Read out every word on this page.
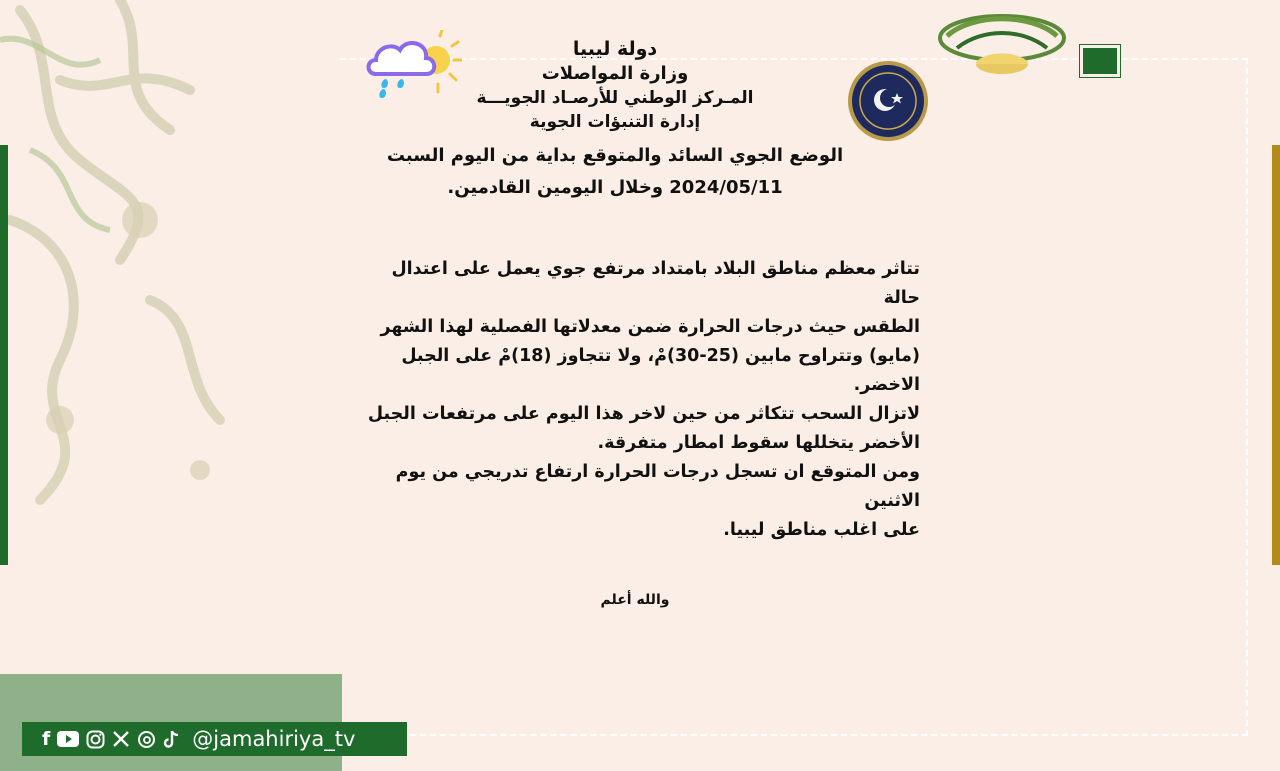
دولة ليبيا
وزارة المواصلات
المـركز الوطني للأرصـاد الجويـــة
إدارة التنبؤات الجوية
الوضع الجوي السائد والمتوقع بداية من اليوم السبت
2024/05/11 وخلال اليومين القادمين.

تتاثر معظم مناطق البلاد بامتداد مرتفع جوي يعمل على اعتدال حالة

الطقس حيث درجات الحرارة ضمن معدلاتها الفصلية لهذا الشهر

(مايو) وتتراوح مابين (25-30)مْ، ولا تتجاوز (18)مْ على الجبل

الاخضر.

لاتزال السحب تتكاثر من حين لاخر هذا اليوم على مرتفعات الجبل

الأخضر يتخللها سقوط امطار متفرقة.

ومن المتوقع ان تسجل درجات الحرارة ارتفاع تدريجي من يوم الاثنين

على اغلب مناطق ليبيا.

والله أعلم
f	@jamahiriya_tv
